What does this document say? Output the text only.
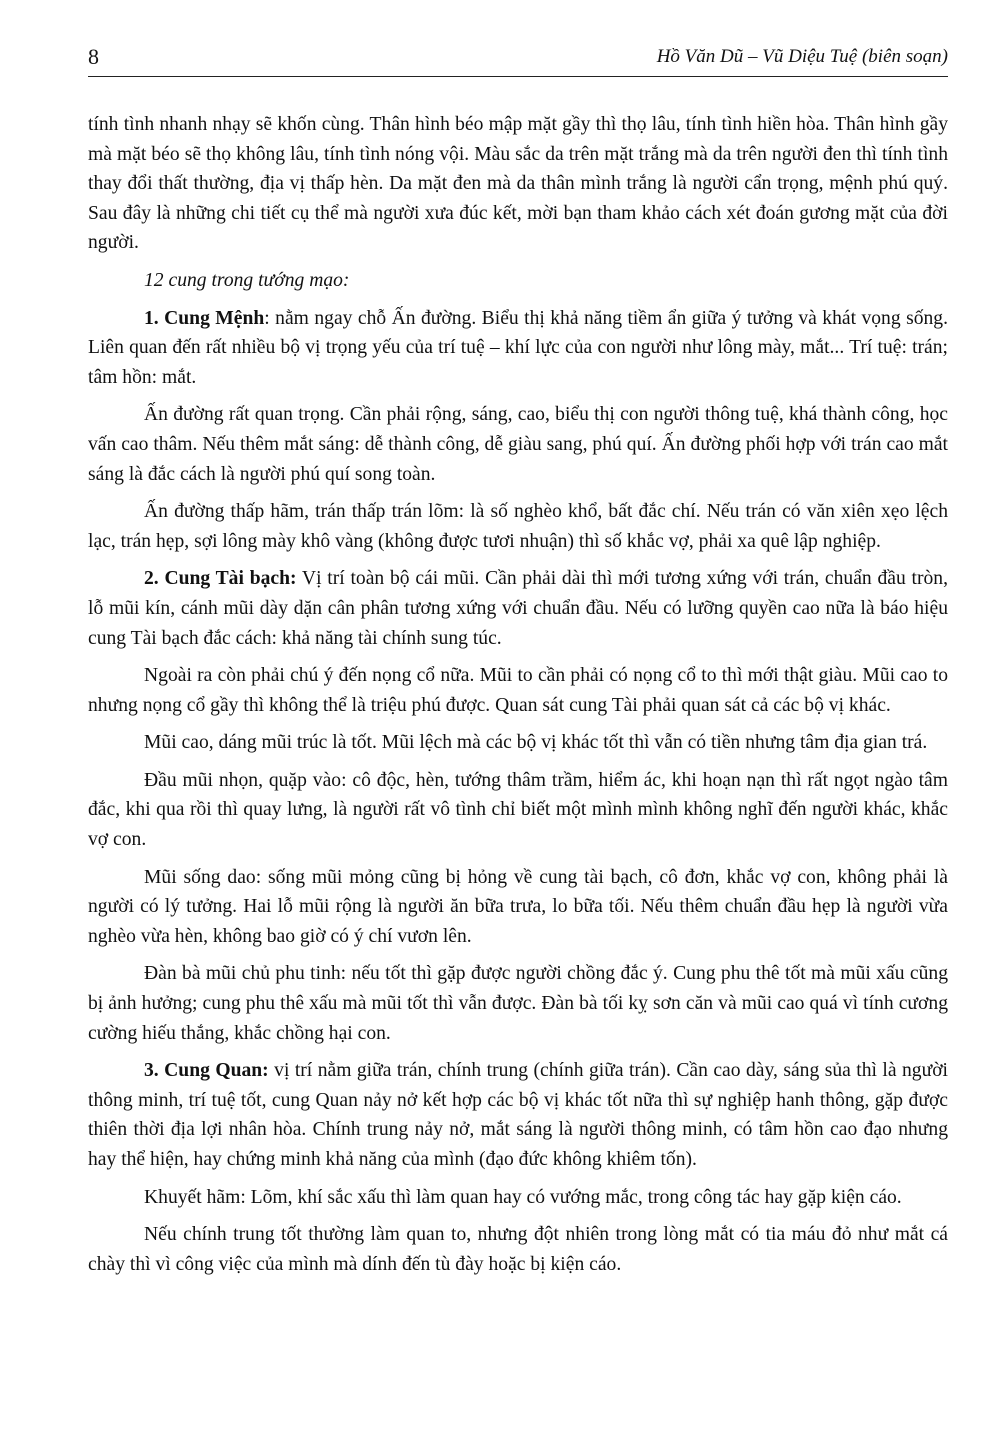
8	Hồ Văn Dũ – Vũ Diệu Tuệ (biên soạn)

tính tình nhanh nhạy sẽ khốn cùng. Thân hình béo mập mặt gầy thì thọ lâu, tính tình hiền hòa. Thân hình gầy mà mặt béo sẽ thọ không lâu, tính tình nóng vội. Màu sắc da trên mặt trắng mà da trên người đen thì tính tình thay đổi thất thường, địa vị thấp hèn. Da mặt đen mà da thân mình trắng là người cẩn trọng, mệnh phú quý. Sau đây là những chi tiết cụ thể mà người xưa đúc kết, mời bạn tham khảo cách xét đoán gương mặt của đời người.

12 cung trong tướng mạo:

1. Cung Mệnh: nằm ngay chỗ Ấn đường. Biểu thị khả năng tiềm ẩn giữa ý tưởng và khát vọng sống. Liên quan đến rất nhiều bộ vị trọng yếu của trí tuệ – khí lực của con người như lông mày, mắt... Trí tuệ: trán; tâm hồn: mắt.

Ấn đường rất quan trọng. Cần phải rộng, sáng, cao, biểu thị con người thông tuệ, khá thành công, học vấn cao thâm. Nếu thêm mắt sáng: dễ thành công, dễ giàu sang, phú quí. Ấn đường phối hợp với trán cao mắt sáng là đắc cách là người phú quí song toàn.

Ấn đường thấp hãm, trán thấp trán lõm: là số nghèo khổ, bất đắc chí. Nếu trán có văn xiên xẹo lệch lạc, trán hẹp, sợi lông mày khô vàng (không được tươi nhuận) thì số khắc vợ, phải xa quê lập nghiệp.

2. Cung Tài bạch: Vị trí toàn bộ cái mũi. Cần phải dài thì mới tương xứng với trán, chuẩn đầu tròn, lỗ mũi kín, cánh mũi dày dặn cân phân tương xứng với chuẩn đầu. Nếu có lưỡng quyền cao nữa là báo hiệu cung Tài bạch đắc cách: khả năng tài chính sung túc.

Ngoài ra còn phải chú ý đến nọng cổ nữa. Mũi to cần phải có nọng cổ to thì mới thật giàu. Mũi cao to nhưng nọng cổ gầy thì không thể là triệu phú được. Quan sát cung Tài phải quan sát cả các bộ vị khác.

Mũi cao, dáng mũi trúc là tốt. Mũi lệch mà các bộ vị khác tốt thì vẫn có tiền nhưng tâm địa gian trá.

Đầu mũi nhọn, quặp vào: cô độc, hèn, tướng thâm trầm, hiểm ác, khi hoạn nạn thì rất ngọt ngào tâm đắc, khi qua rồi thì quay lưng, là người rất vô tình chỉ biết một mình mình không nghĩ đến người khác, khắc vợ con.

Mũi sống dao: sống mũi mỏng cũng bị hỏng về cung tài bạch, cô đơn, khắc vợ con, không phải là người có lý tưởng. Hai lỗ mũi rộng là người ăn bữa trưa, lo bữa tối. Nếu thêm chuẩn đầu hẹp là người vừa nghèo vừa hèn, không bao giờ có ý chí vươn lên.

Đàn bà mũi chủ phu tinh: nếu tốt thì gặp được người chồng đắc ý. Cung phu thê tốt mà mũi xấu cũng bị ảnh hưởng; cung phu thê xấu mà mũi tốt thì vẫn được. Đàn bà tối kỵ sơn căn và mũi cao quá vì tính cương cường hiếu thắng, khắc chồng hại con.

3. Cung Quan: vị trí nằm giữa trán, chính trung (chính giữa trán). Cần cao dày, sáng sủa thì là người thông minh, trí tuệ tốt, cung Quan nảy nở kết hợp các bộ vị khác tốt nữa thì sự nghiệp hanh thông, gặp được thiên thời địa lợi nhân hòa. Chính trung nảy nở, mắt sáng là người thông minh, có tâm hồn cao đạo nhưng hay thể hiện, hay chứng minh khả năng của mình (đạo đức không khiêm tốn).

Khuyết hãm: Lõm, khí sắc xấu thì làm quan hay có vướng mắc, trong công tác hay gặp kiện cáo.

Nếu chính trung tốt thường làm quan to, nhưng đột nhiên trong lòng mắt có tia máu đỏ như mắt cá chày thì vì công việc của mình mà dính đến tù đày hoặc bị kiện cáo.
